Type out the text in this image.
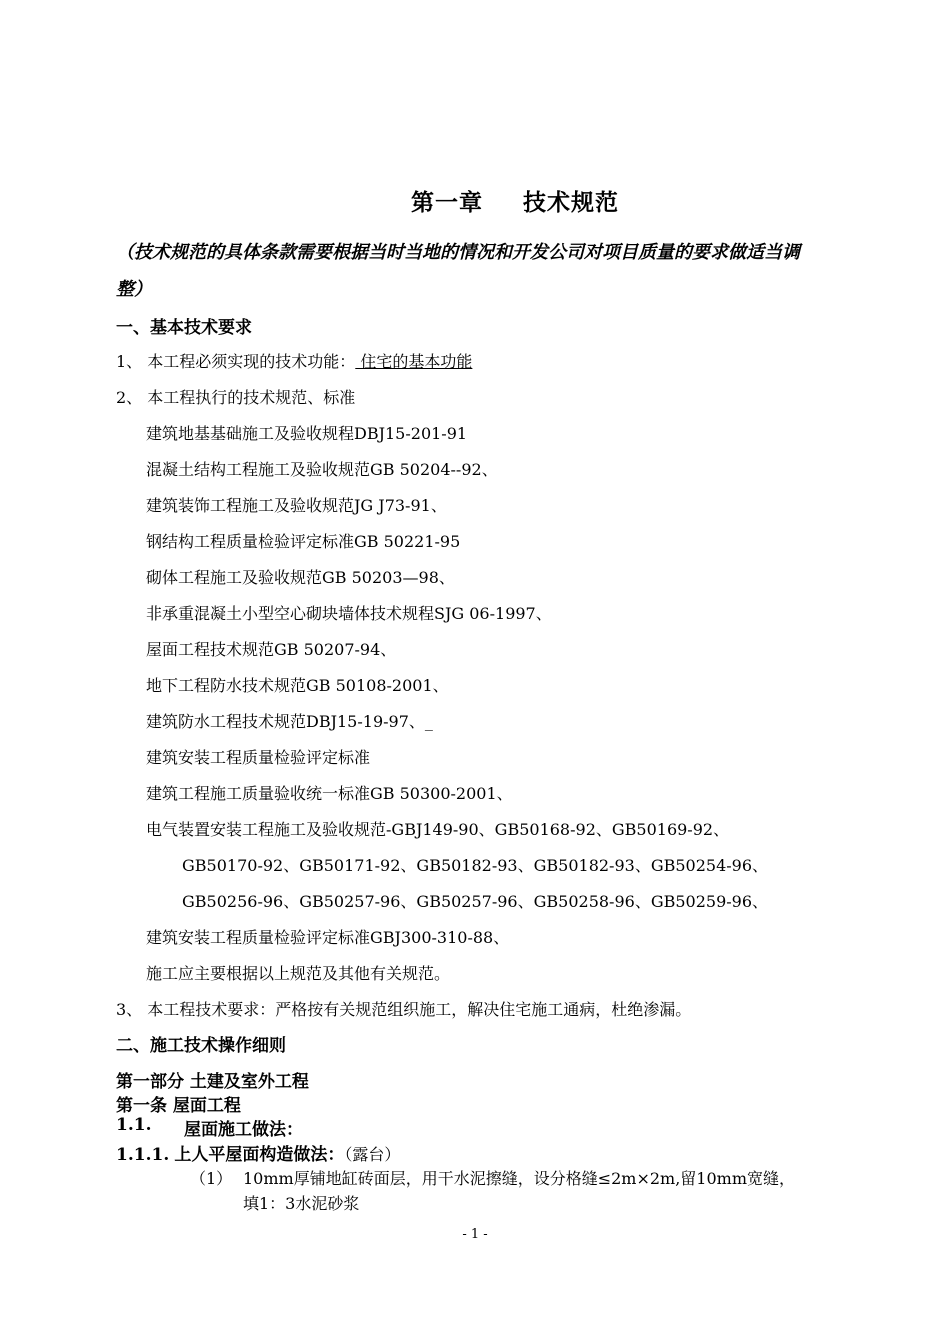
第一章 技术规范
（技术规范的具体条款需要根据当时当地的情况和开发公司对项目质量的要求做适当调
整）
一、基本技术要求
1、 本工程必须实现的技术功能： 住宅的基本功能
2、 本工程执行的技术规范、标准
建筑地基基础施工及验收规程DBJ15-201-91
混凝土结构工程施工及验收规范GB 50204--92、
建筑装饰工程施工及验收规范JG J73-91、
钢结构工程质量检验评定标准GB 50221-95
砌体工程施工及验收规范GB 50203—98、
非承重混凝土小型空心砌块墙体技术规程SJG 06-1997、
屋面工程技术规范GB 50207-94、
地下工程防水技术规范GB 50108-2001、
建筑防水工程技术规范DBJ15-19-97、_
建筑安装工程质量检验评定标准
建筑工程施工质量验收统一标准GB 50300-2001、
电气装置安装工程施工及验收规范-GBJ149-90、GB50168-92、GB50169-92、
GB50170-92、GB50171-92、GB50182-93、GB50182-93、GB50254-96、
GB50256-96、GB50257-96、GB50257-96、GB50258-96、GB50259-96、
建筑安装工程质量检验评定标准GBJ300-310-88、
施工应主要根据以上规范及其他有关规范。
3、 本工程技术要求：严格按有关规范组织施工，解决住宅施工通病，杜绝渗漏。
二、施工技术操作细则
第一部分 土建及室外工程
第一条 屋面工程
1.1. 屋面施工做法：
1.1.1. 上人平屋面构造做法：（露台）
（1） 10mm厚铺地缸砖面层，用干水泥擦缝，设分格缝≤2m×2m,留10mm宽缝，
填1：3水泥砂浆
- 1 -
